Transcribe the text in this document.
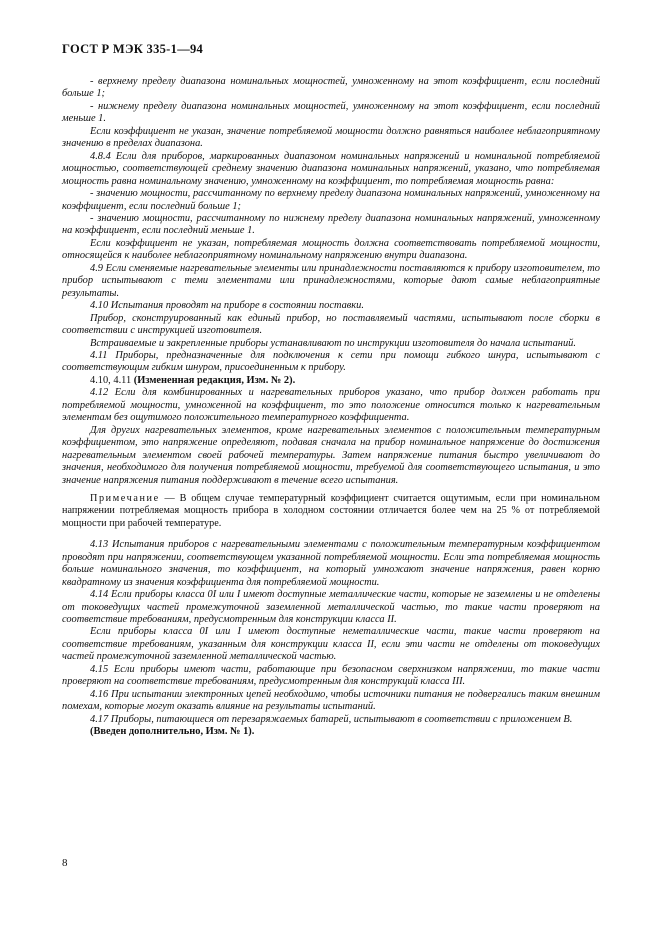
ГОСТ Р МЭК 335-1—94

- верхнему пределу диапазона номинальных мощностей, умноженному на этот коэффициент, если последний больше 1;

- нижнему пределу диапазона номинальных мощностей, умноженному на этот коэффициент, если последний меньше 1.

Если коэффициент не указан, значение потребляемой мощности должно равняться наиболее неблагоприятному значению в пределах диапазона.

4.8.4 Если для приборов, маркированных диапазоном номинальных напряжений и номинальной потребляемой мощностью, соответствующей среднему значению диапазона номинальных напряжений, указано, что потребляемая мощность равна номинальному значению, умноженному на коэффициент, то потребляемая мощность равна:

- значению мощности, рассчитанному по верхнему пределу диапазона номинальных напряжений, умноженному на коэффициент, если последний больше 1;

- значению мощности, рассчитанному по нижнему пределу диапазона номинальных напряжений, умноженному на коэффициент, если последний меньше 1.

Если коэффициент не указан, потребляемая мощность должна соответствовать потребляемой мощности, относящейся к наиболее неблагоприятному номинальному напряжению внутри диапазона.

4.9 Если сменяемые нагревательные элементы или принадлежности поставляются к прибору изготовителем, то прибор испытывают с теми элементами или принадлежностями, которые дают самые неблагоприятные результаты.

4.10 Испытания проводят на приборе в состоянии поставки.

Прибор, сконструированный как единый прибор, но поставляемый частями, испытывают после сборки в соответствии с инструкцией изготовителя.

Встраиваемые и закрепленные приборы устанавливают по инструкции изготовителя до начала испытаний.

4.11 Приборы, предназначенные для подключения к сети при помощи гибкого шнура, испытывают с соответствующим гибким шнуром, присоединенным к прибору.

4.10, 4.11 (Измененная редакция, Изм. № 2).

4.12 Если для комбинированных и нагревательных приборов указано, что прибор должен работать при потребляемой мощности, умноженной на коэффициент, то это положение относится только к нагревательным элементам без ощутимого положительного температурного коэффициента.

Для других нагревательных элементов, кроме нагревательных элементов с положительным температурным коэффициентом, это напряжение определяют, подавая сначала на прибор номинальное напряжение до достижения нагревательным элементом своей рабочей температуры. Затем напряжение питания быстро увеличивают до значения, необходимого для получения потребляемой мощности, требуемой для соответствующего испытания, и это значение напряжения питания поддерживают в течение всего испытания.

Примечание — В общем случае температурный коэффициент считается ощутимым, если при номинальном напряжении потребляемая мощность прибора в холодном состоянии отличается более чем на 25 % от потребляемой мощности при рабочей температуре.

4.13 Испытания приборов с нагревательными элементами с положительным температурным коэффициентом проводят при напряжении, соответствующем указанной потребляемой мощности. Если эта потребляемая мощность больше номинального значения, то коэффициент, на который умножают значение напряжения, равен корню квадратному из значения коэффициента для потребляемой мощности.

4.14 Если приборы класса 0I или I имеют доступные металлические части, которые не заземлены и не отделены от токоведущих частей промежуточной заземленной металлической частью, то такие части проверяют на соответствие требованиям, предусмотренным для конструкции класса II.

Если приборы класса 0I или I имеют доступные неметаллические части, такие части проверяют на соответствие требованиям, указанным для конструкции класса II, если эти части не отделены от токоведущих частей промежуточной заземленной металлической частью.

4.15 Если приборы имеют части, работающие при безопасном сверхнизком напряжении, то такие части проверяют на соответствие требованиям, предусмотренным для конструкций класса III.

4.16 При испытании электронных цепей необходимо, чтобы источники питания не подвергались таким внешним помехам, которые могут оказать влияние на результаты испытаний.

4.17 Приборы, питающиеся от перезаряжаемых батарей, испытывают в соответствии с приложением В.

(Введен дополнительно, Изм. № 1).

8
